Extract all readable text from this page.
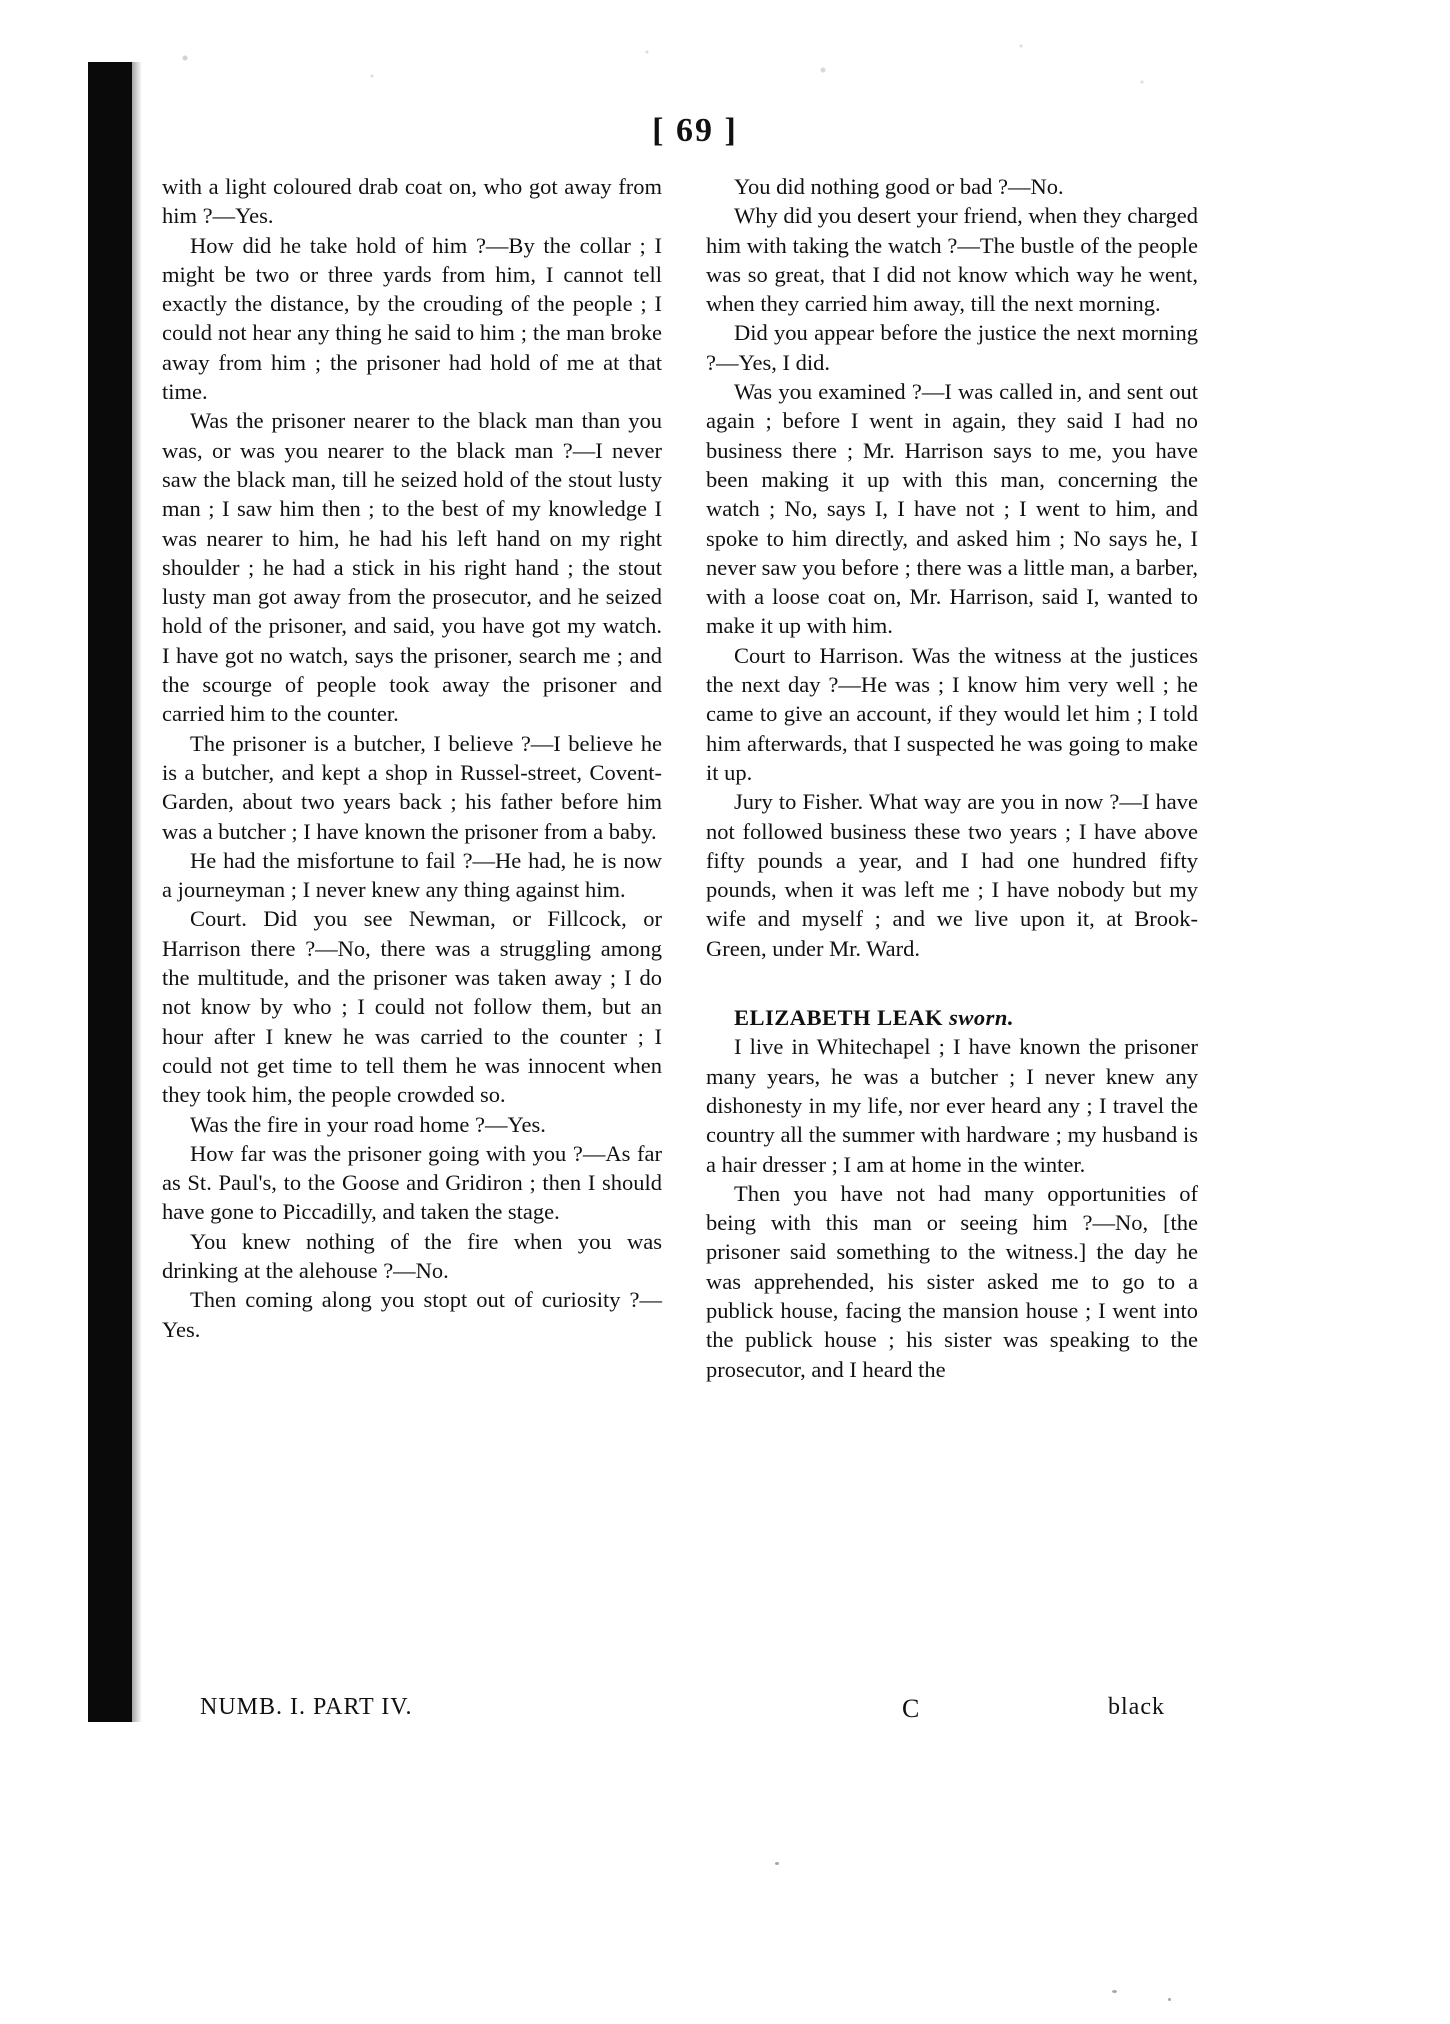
[ 69 ]

with a light coloured drab coat on, who got away from him ?—Yes.

How did he take hold of him ?—By the collar ; I might be two or three yards from him, I cannot tell exactly the distance, by the crouding of the people ; I could not hear any thing he said to him ; the man broke away from him ; the prisoner had hold of me at that time.

Was the prisoner nearer to the black man than you was, or was you nearer to the black man ?—I never saw the black man, till he seized hold of the stout lusty man ; I saw him then ; to the best of my knowledge I was nearer to him, he had his left hand on my right shoulder ; he had a stick in his right hand ; the stout lusty man got away from the prosecutor, and he seized hold of the prisoner, and said, you have got my watch. I have got no watch, says the prisoner, search me ; and the scourge of people took away the prisoner and carried him to the counter.

The prisoner is a butcher, I believe ?—I believe he is a butcher, and kept a shop in Russel-street, Covent-Garden, about two years back ; his father before him was a butcher ; I have known the prisoner from a baby.

He had the misfortune to fail ?—He had, he is now a journeyman ; I never knew any thing against him.

Court. Did you see Newman, or Fillcock, or Harrison there ?—No, there was a struggling among the multitude, and the prisoner was taken away ; I do not know by who ; I could not follow them, but an hour after I knew he was carried to the counter ; I could not get time to tell them he was innocent when they took him, the people crowded so.

Was the fire in your road home ?—Yes.

How far was the prisoner going with you ?—As far as St. Paul's, to the Goose and Gridiron ; then I should have gone to Piccadilly, and taken the stage.

You knew nothing of the fire when you was drinking at the alehouse ?—No.

Then coming along you stopt out of curiosity ?—Yes.

You did nothing good or bad ?—No.

Why did you desert your friend, when they charged him with taking the watch ?—The bustle of the people was so great, that I did not know which way he went, when they carried him away, till the next morning.

Did you appear before the justice the next morning ?—Yes, I did.

Was you examined ?—I was called in, and sent out again ; before I went in again, they said I had no business there ; Mr. Harrison says to me, you have been making it up with this man, concerning the watch ; No, says I, I have not ; I went to him, and spoke to him directly, and asked him ; No says he, I never saw you before ; there was a little man, a barber, with a loose coat on, Mr. Harrison, said I, wanted to make it up with him.

Court to Harrison. Was the witness at the justices the next day ?—He was ; I know him very well ; he came to give an account, if they would let him ; I told him afterwards, that I suspected he was going to make it up.

Jury to Fisher. What way are you in now ?—I have not followed business these two years ; I have above fifty pounds a year, and I had one hundred fifty pounds, when it was left me ; I have nobody but my wife and myself ; and we live upon it, at Brook-Green, under Mr. Ward.

ELIZABETH LEAK sworn.

I live in Whitechapel ; I have known the prisoner many years, he was a butcher ; I never knew any dishonesty in my life, nor ever heard any ; I travel the country all the summer with hardware ; my husband is a hair dresser ; I am at home in the winter.

Then you have not had many opportunities of being with this man or seeing him ?—No, [the prisoner said something to the witness.] the day he was apprehended, his sister asked me to go to a publick house, facing the mansion house ; I went into the publick house ; his sister was speaking to the prosecutor, and I heard the

NUMB. I. PART IV.	C	black
